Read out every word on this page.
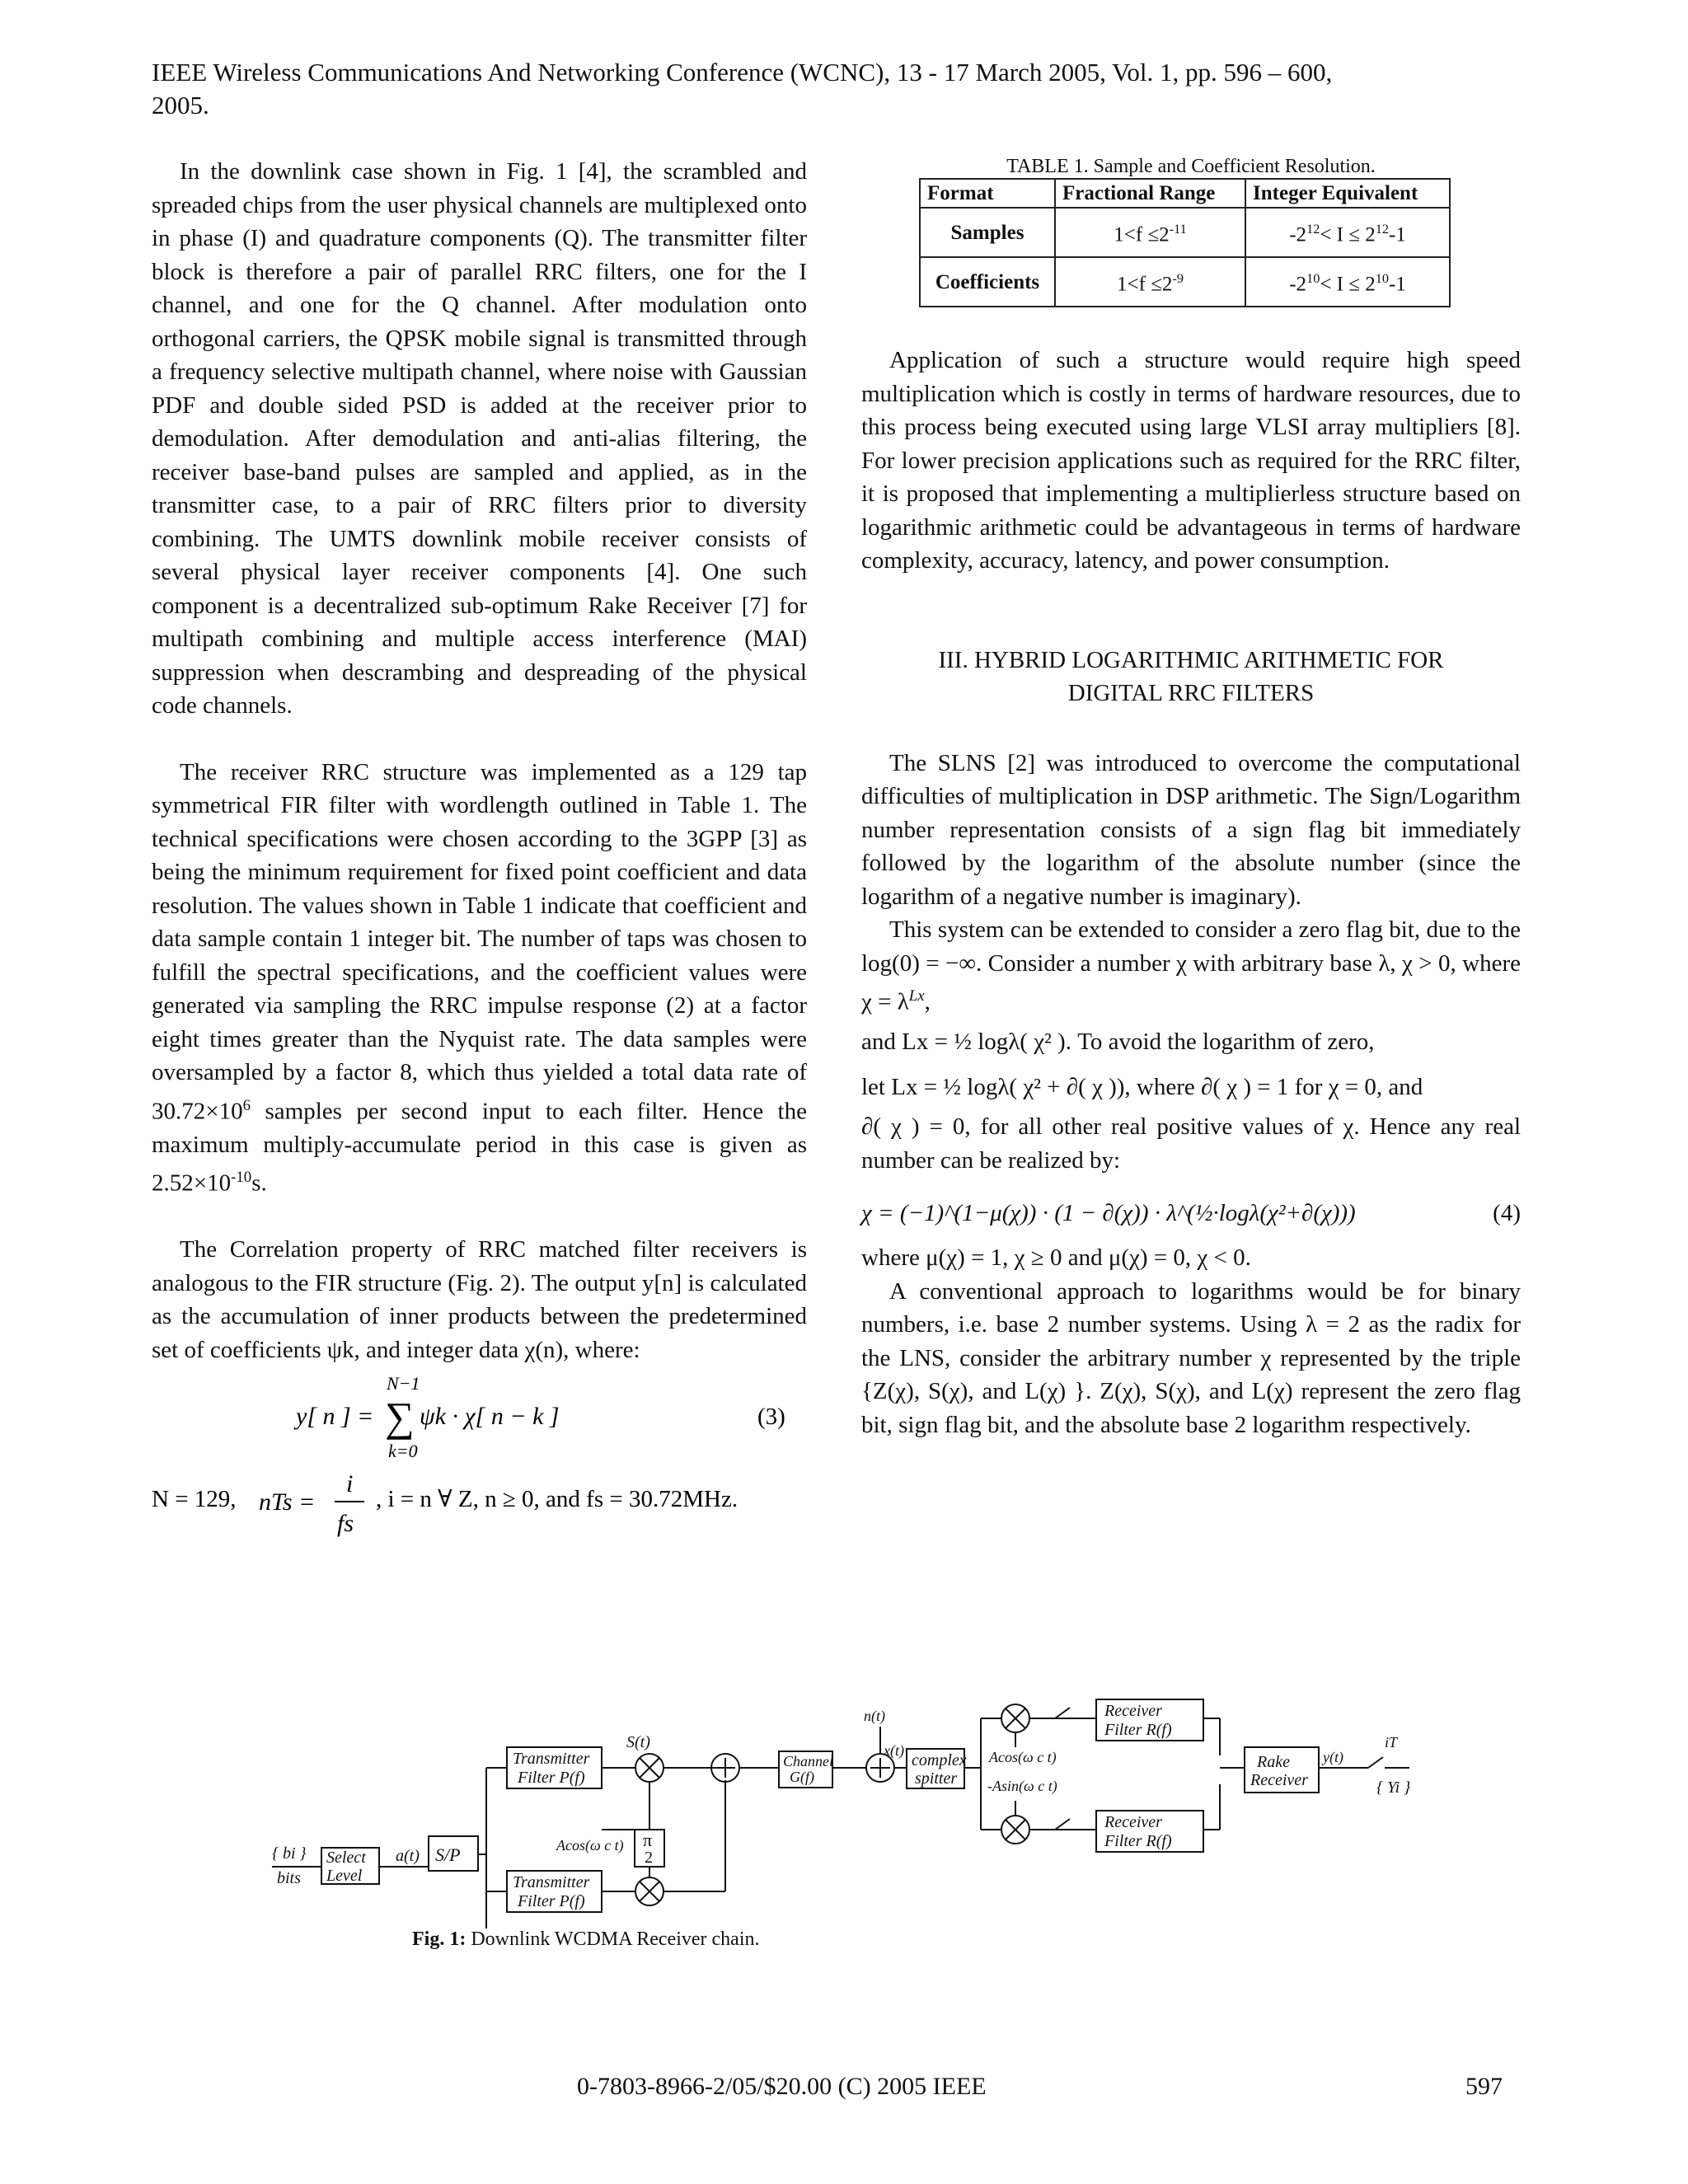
IEEE Wireless Communications And Networking Conference (WCNC), 13 - 17 March 2005, Vol. 1, pp. 596 – 600,
2005.

In the downlink case shown in Fig. 1 [4], the scrambled and spreaded chips from the user physical channels are multiplexed onto in phase (I) and quadrature components (Q). The transmitter filter block is therefore a pair of parallel RRC filters, one for the I channel, and one for the Q channel. After modulation onto orthogonal carriers, the QPSK mobile signal is transmitted through a frequency selective multipath channel, where noise with Gaussian PDF and double sided PSD is added at the receiver prior to demodulation. After demodulation and anti-alias filtering, the receiver base-band pulses are sampled and applied, as in the transmitter case, to a pair of RRC filters prior to diversity combining. The UMTS downlink mobile receiver consists of several physical layer receiver components [4]. One such component is a decentralized sub-optimum Rake Receiver [7] for multipath combining and multiple access interference (MAI) suppression when descrambing and despreading of the physical code channels.

The receiver RRC structure was implemented as a 129 tap symmetrical FIR filter with wordlength outlined in Table 1. The technical specifications were chosen according to the 3GPP [3] as being the minimum requirement for fixed point coefficient and data resolution. The values shown in Table 1 indicate that coefficient and data sample contain 1 integer bit. The number of taps was chosen to fulfill the spectral specifications, and the coefficient values were generated via sampling the RRC impulse response (2) at a factor eight times greater than the Nyquist rate. The data samples were oversampled by a factor 8, which thus yielded a total data rate of $30.72\times 10^6$ samples per second input to each filter. Hence the maximum multiply-accumulate period in this case is given as $2.52\times 10^{-10}s$.

The Correlation property of RRC matched filter receivers is analogous to the FIR structure (Fig. 2). The output y[n] is calculated as the accumulation of inner products between the predetermined set of coefficients ψk, and integer data χ(n), where:

y[ n ] =
N−1
∑
k=0
ψk · χ[ n − k ]	(3)
N = 129, nTs =
i
fs
, i = n ∀ Z, n ≥ 0, and fs = 30.72MHz.
TABLE 1. Sample and Coefficient Resolution.
Format	Fractional Range	Integer Equivalent
Samples	$1<f \le 2^{-11}$	$-2^{12}< I \le 2^{12}-1$
Coefficients	$1<f \le 2^{-9}$	$-2^{10}< I \le 2^{10}-1$

Application of such a structure would require high speed multiplication which is costly in terms of hardware resources, due to this process being executed using large VLSI array multipliers [8]. For lower precision applications such as required for the RRC filter, it is proposed that implementing a multiplierless structure based on logarithmic arithmetic could be advantageous in terms of hardware complexity, accuracy, latency, and power consumption.

III. HYBRID LOGARITHMIC ARITHMETIC FOR

DIGITAL RRC FILTERS

The SLNS [2] was introduced to overcome the computational difficulties of multiplication in DSP arithmetic. The Sign/Logarithm number representation consists of a sign flag bit immediately followed by the logarithm of the absolute number (since the logarithm of a negative number is imaginary).

This system can be extended to consider a zero flag bit, due to the log(0) = −∞. Consider a number χ with arbitrary base λ, χ > 0, where $\chi = \lambda^{Lx}$,

and Lx = ½ logλ( χ² ). To avoid the logarithm of zero,

let Lx = ½ logλ( χ² + ∂( χ )), where ∂( χ ) = 1 for χ = 0, and

∂( χ ) = 0, for all other real positive values of χ. Hence any real number can be realized by:

χ = (−1)^(1−μ(χ)) · (1 − ∂(χ)) · λ^(½·logλ(χ²+∂(χ)))	(4)

where μ(χ) = 1, χ ≥ 0 and μ(χ) = 0, χ < 0.

A conventional approach to logarithms would be for binary numbers, i.e. base 2 number systems. Using λ = 2 as the radix for the LNS, consider the arbitrary number χ represented by the triple {Z(χ), S(χ), and L(χ) }. Z(χ), S(χ), and L(χ) represent the zero flag bit, sign flag bit, and the absolute base 2 logarithm respectively.

{ bi }
bits
Select
Level
a(t) S/P
Transmitter
Filter P(f)
Transmitter
Filter P(f)
S(t)
Acos(ω c t) π
2
Channel
G(f)
n(t)
x(t)
complex
spitter
Acos(ω c t)
-Asin(ω c t)
Receiver
Filter R(f)
Receiver
Filter R(f)
Rake
Receiver
y(t)
iT
{ Yi }
Fig. 1: Downlink WCDMA Receiver chain.
0-7803-8966-2/05/$20.00 (C) 2005 IEEE	597
